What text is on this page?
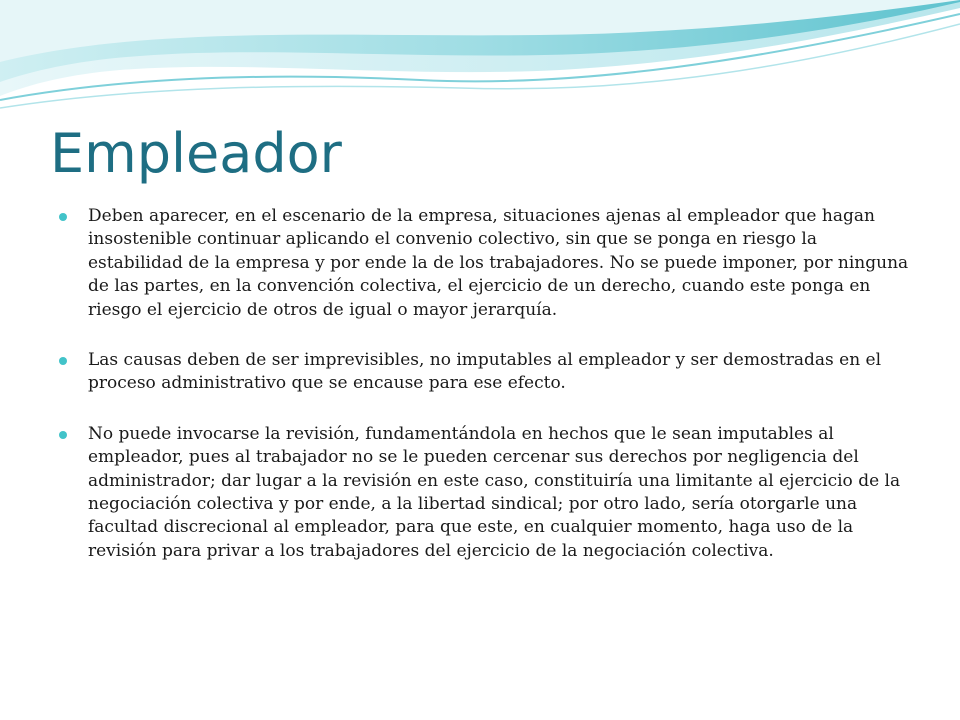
Empleador
Deben aparecer, en el escenario de la empresa, situaciones ajenas al empleador que hagan insostenible continuar aplicando el convenio colectivo, sin que se ponga en riesgo la estabilidad de la empresa y por ende la de los trabajadores. No se puede imponer, por ninguna de las partes, en la convención colectiva, el ejercicio de un derecho, cuando este ponga en riesgo el ejercicio de otros de igual o mayor jerarquía.
Las causas deben de ser imprevisibles, no imputables al empleador y ser demostradas en el proceso administrativo que se encause para ese efecto.
No puede invocarse la revisión, fundamentándola en hechos que le sean imputables al empleador, pues al trabajador no se le pueden cercenar sus derechos por negligencia del administrador; dar lugar a la revisión en este caso, constituiría una limitante al ejercicio de la negociación colectiva y por ende, a la libertad sindical; por otro lado, sería otorgarle una facultad discrecional al empleador, para que este, en cualquier momento, haga uso de la revisión para privar a los trabajadores del ejercicio de la negociación colectiva.
